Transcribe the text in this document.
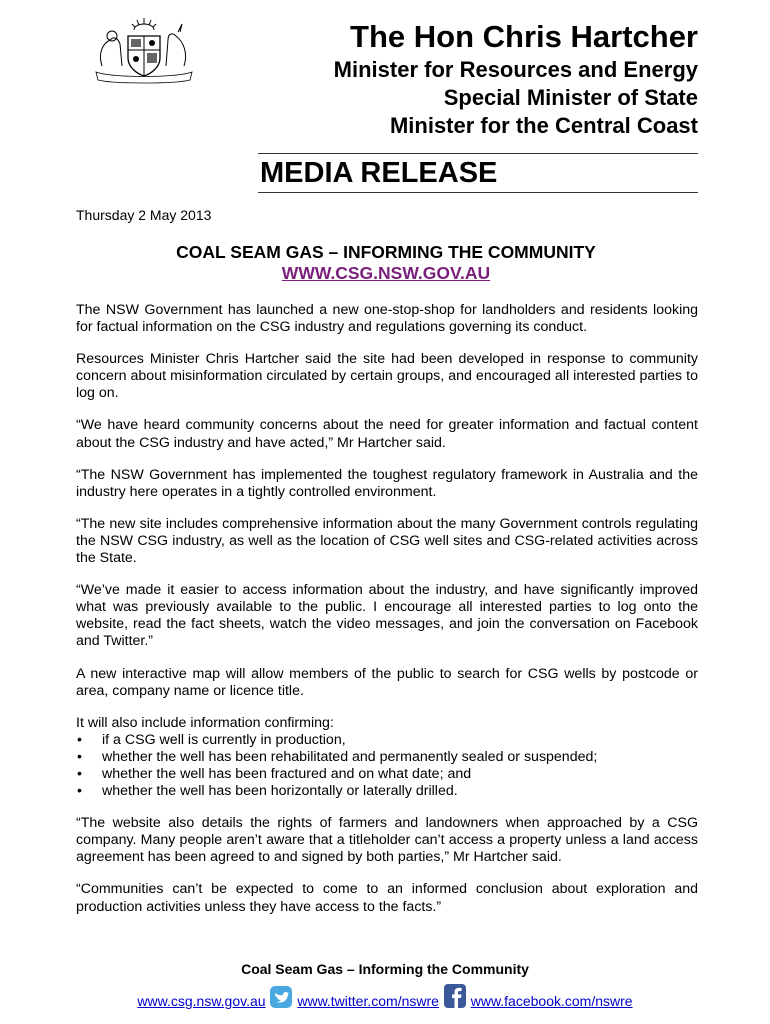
The Hon Chris Hartcher
Minister for Resources and Energy
Special Minister of State
Minister for the Central Coast
MEDIA RELEASE
Thursday 2 May 2013
COAL SEAM GAS – INFORMING THE COMMUNITY
WWW.CSG.NSW.GOV.AU

The NSW Government has launched a new one-stop-shop for landholders and residents looking for factual information on the CSG industry and regulations governing its conduct.

Resources Minister Chris Hartcher said the site had been developed in response to community concern about misinformation circulated by certain groups, and encouraged all interested parties to log on.

“We have heard community concerns about the need for greater information and factual content about the CSG industry and have acted,” Mr Hartcher said.

“The NSW Government has implemented the toughest regulatory framework in Australia and the industry here operates in a tightly controlled environment.

“The new site includes comprehensive information about the many Government controls regulating the NSW CSG industry, as well as the location of CSG well sites and CSG-related activities across the State.

“We’ve made it easier to access information about the industry, and have significantly improved what was previously available to the public. I encourage all interested parties to log onto the website, read the fact sheets, watch the video messages, and join the conversation on Facebook and Twitter.”

A new interactive map will allow members of the public to search for CSG wells by postcode or area, company name or licence title.

It will also include information confirming:

• if a CSG well is currently in production,
• whether the well has been rehabilitated and permanently sealed or suspended;
• whether the well has been fractured and on what date; and
• whether the well has been horizontally or laterally drilled.

“The website also details the rights of farmers and landowners when approached by a CSG company. Many people aren’t aware that a titleholder can’t access a property unless a land access agreement has been agreed to and signed by both parties,” Mr Hartcher said.

“Communities can’t be expected to come to an informed conclusion about exploration and production activities unless they have access to the facts.”

Coal Seam Gas – Informing the Community
www.csg.nsw.gov.au www.twitter.com/nswre www.facebook.com/nswre
